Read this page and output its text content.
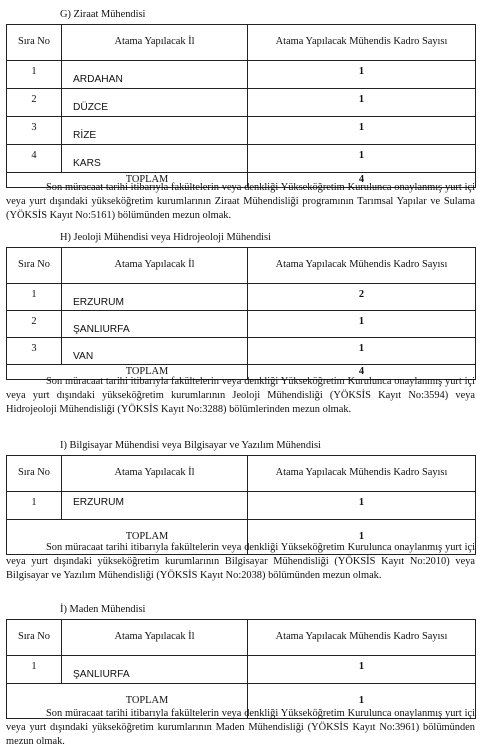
G) Ziraat Mühendisi
Sıra No	Atama Yapılacak İl	Atama Yapılacak Mühendis Kadro Sayısı
1	ARDAHAN	1
2	DÜZCE	1
3	RİZE	1
4	KARS	1
TOPLAM		4

Son müracaat tarihi itibarıyla fakültelerin veya denkliği Yükseköğretim Kurulunca onaylanmış yurt içi veya yurt dışındaki yükseköğretim kurumlarının Ziraat Mühendisliği programının Tarımsal Yapılar ve Sulama (YÖKSİS Kayıt No:5161) bölümünden mezun olmak.

H) Jeoloji Mühendisi veya Hidrojeoloji Mühendisi
Sıra No	Atama Yapılacak İl	Atama Yapılacak Mühendis Kadro Sayısı
1	ERZURUM	2
2	ŞANLIURFA	1
3	VAN	1
TOPLAM		4

Son müracaat tarihi itibarıyla fakültelerin veya denkliği Yükseköğretim Kurulunca onaylanmış yurt içi veya yurt dışındaki yükseköğretim kurumlarının Jeoloji Mühendisliği (YÖKSİS Kayıt No:3594) veya Hidrojeoloji Mühendisliği (YÖKSİS Kayıt No:3288) bölümlerinden mezun olmak.

I) Bilgisayar Mühendisi veya Bilgisayar ve Yazılım Mühendisi
Sıra No	Atama Yapılacak İl	Atama Yapılacak Mühendis Kadro Sayısı
1	ERZURUM	1
TOPLAM		1

Son müracaat tarihi itibarıyla fakültelerin veya denkliği Yükseköğretim Kurulunca onaylanmış yurt içi veya yurt dışındaki yükseköğretim kurumlarının Bilgisayar Mühendisliği (YÖKSİS Kayıt No:2010) veya Bilgisayar ve Yazılım Mühendisliği (YÖKSİS Kayıt No:2038) bölümünden mezun olmak.

İ) Maden Mühendisi
Sıra No	Atama Yapılacak İl	Atama Yapılacak Mühendis Kadro Sayısı
1	ŞANLIURFA	1
TOPLAM		1

Son müracaat tarihi itibarıyla fakültelerin veya denkliği Yükseköğretim Kurulunca onaylanmış yurt içi veya yurt dışındaki yükseköğretim kurumlarının Maden Mühendisliği (YÖKSİS Kayıt No:3961) bölümünden mezun olmak.
